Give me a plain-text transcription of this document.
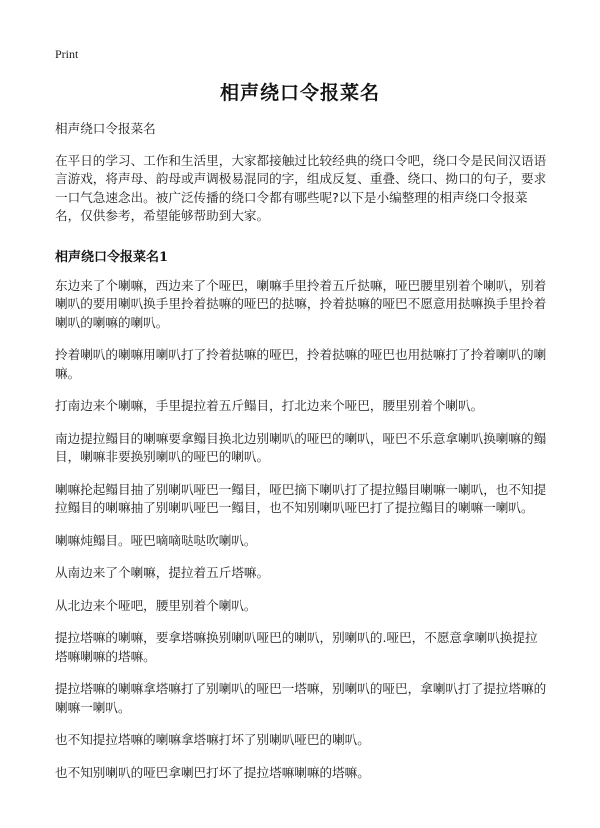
Print
相声绕口令报菜名

相声绕口令报菜名

在平日的学习、工作和生活里，大家都接触过比较经典的绕口令吧，绕口令是民间汉语语言游戏，将声母、韵母或声调极易混同的字，组成反复、重叠、绕口、拗口的句子，要求一口气急速念出。被广泛传播的绕口令都有哪些呢?以下是小编整理的相声绕口令报菜名，仅供参考，希望能够帮助到大家。

相声绕口令报菜名1

东边来了个喇嘛，西边来了个哑巴，喇嘛手里拎着五斤挞嘛，哑巴腰里别着个喇叭，别着喇叭的要用喇叭换手里拎着挞嘛的哑巴的挞嘛，拎着挞嘛的哑巴不愿意用挞嘛换手里拎着喇叭的喇嘛的喇叭。

拎着喇叭的喇嘛用喇叭打了拎着挞嘛的哑巴，拎着挞嘛的哑巴也用挞嘛打了拎着喇叭的喇嘛。

打南边来个喇嘛，手里提拉着五斤鳎目，打北边来个哑巴，腰里别着个喇叭。

南边提拉鳎目的喇嘛要拿鳎目换北边别喇叭的哑巴的喇叭，哑巴不乐意拿喇叭换喇嘛的鳎目，喇嘛非要换别喇叭的哑巴的喇叭。

喇嘛抡起鳎目抽了别喇叭哑巴一鳎目，哑巴摘下喇叭打了提拉鳎目喇嘛一喇叭，也不知提拉鳎目的喇嘛抽了别喇叭哑巴一鳎目，也不知别喇叭哑巴打了提拉鳎目的喇嘛一喇叭。

喇嘛炖鳎目。哑巴嘀嘀哒哒吹喇叭。

从南边来了个喇嘛，提拉着五斤塔嘛。

从北边来个哑吧，腰里别着个喇叭。

提拉塔嘛的喇嘛，要拿塔嘛换别喇叭哑巴的喇叭，别喇叭的.哑巴，不愿意拿喇叭换提拉塔嘛喇嘛的塔嘛。

提拉塔嘛的喇嘛拿塔嘛打了别喇叭的哑巴一塔嘛，别喇叭的哑巴，拿喇叭打了提拉塔嘛的喇嘛一喇叭。

也不知提拉塔嘛的喇嘛拿塔嘛打坏了别喇叭哑巴的喇叭。

也不知别喇叭的哑巴拿喇巴打坏了提拉塔嘛喇嘛的塔嘛。
